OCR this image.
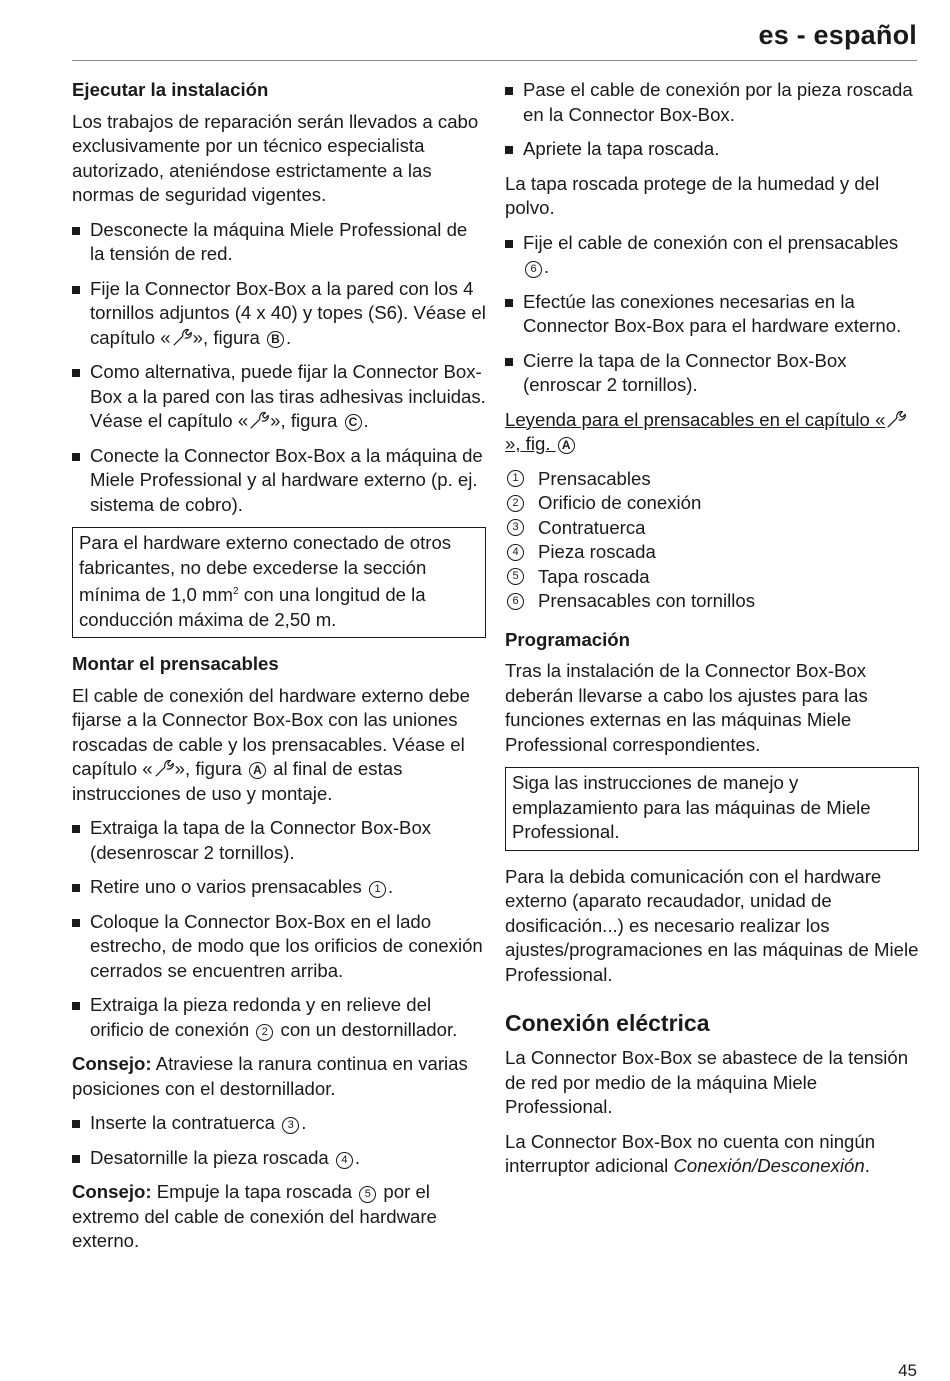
es - español
Ejecutar la instalación

Los trabajos de reparación serán llevados a cabo exclusivamente por un técnico especialista autorizado, ateniéndose estrictamente a las normas de seguridad vigentes.

Desconecte la máquina Miele Professional de la tensión de red.
Fije la Connector Box-Box a la pared con los 4 tornillos adjuntos (4 x 40) y topes (S6). Véase el capítulo « », figura B .
Como alternativa, puede fijar la Connector Box-Box a la pared con las tiras adhesivas incluidas. Véase el capítulo « », figura C .
Conecte la Connector Box-Box a la máquina de Miele Professional y al hardware externo (p. ej. sistema de cobro).
Para el hardware externo conectado de otros fabricantes, no debe excederse la sección mínima de 1,0 $mm^2$ con una longitud de la conducción máxima de 2,50 m.
Montar el prensacables

El cable de conexión del hardware externo debe fijarse a la Connector Box-Box con las uniones roscadas de cable y los prensacables. Véase el capítulo « », figura A al final de estas instrucciones de uso y montaje.

Extraiga la tapa de la Connector Box-Box (desenroscar 2 tornillos).
Retire uno o varios prensacables 1 .
Coloque la Connector Box-Box en el lado estrecho, de modo que los orificios de conexión cerrados se encuentren arriba.
Extraiga la pieza redonda y en relieve del orificio de conexión 2 con un destornillador.

Consejo: Atraviese la ranura continua en varias posiciones con el destornillador.

Inserte la contratuerca 3 .
Desatornille la pieza roscada 4 .

Consejo: Empuje la tapa roscada 5 por el extremo del cable de conexión del hardware externo.

Pase el cable de conexión por la pieza roscada en la Connector Box-Box.
Apriete la tapa roscada.

La tapa roscada protege de la humedad y del polvo.

Fije el cable de conexión con el prensacables 6 .
Efectúe las conexiones necesarias en la Connector Box-Box para el hardware externo.
Cierre la tapa de la Connector Box-Box (enroscar 2 tornillos).
Leyenda para el prensacables en el capítulo «», fig. A
1 Prensacables
2 Orificio de conexión
3 Contratuerca
4 Pieza roscada
5 Tapa roscada
6 Prensacables con tornillos
Programación

Tras la instalación de la Connector Box-Box deberán llevarse a cabo los ajustes para las funciones externas en las máquinas Miele Professional correspondientes.

Siga las instrucciones de manejo y emplazamiento para las máquinas de Miele Professional.

Para la debida comunicación con el hardware externo (aparato recaudador, unidad de dosificación...) es necesario realizar los ajustes/programaciones en las máquinas de Miele Professional.

Conexión eléctrica

La Connector Box-Box se abastece de la tensión de red por medio de la máquina Miele Professional.

La Connector Box-Box no cuenta con ningún interruptor adicional Conexión/Desconexión.

45
